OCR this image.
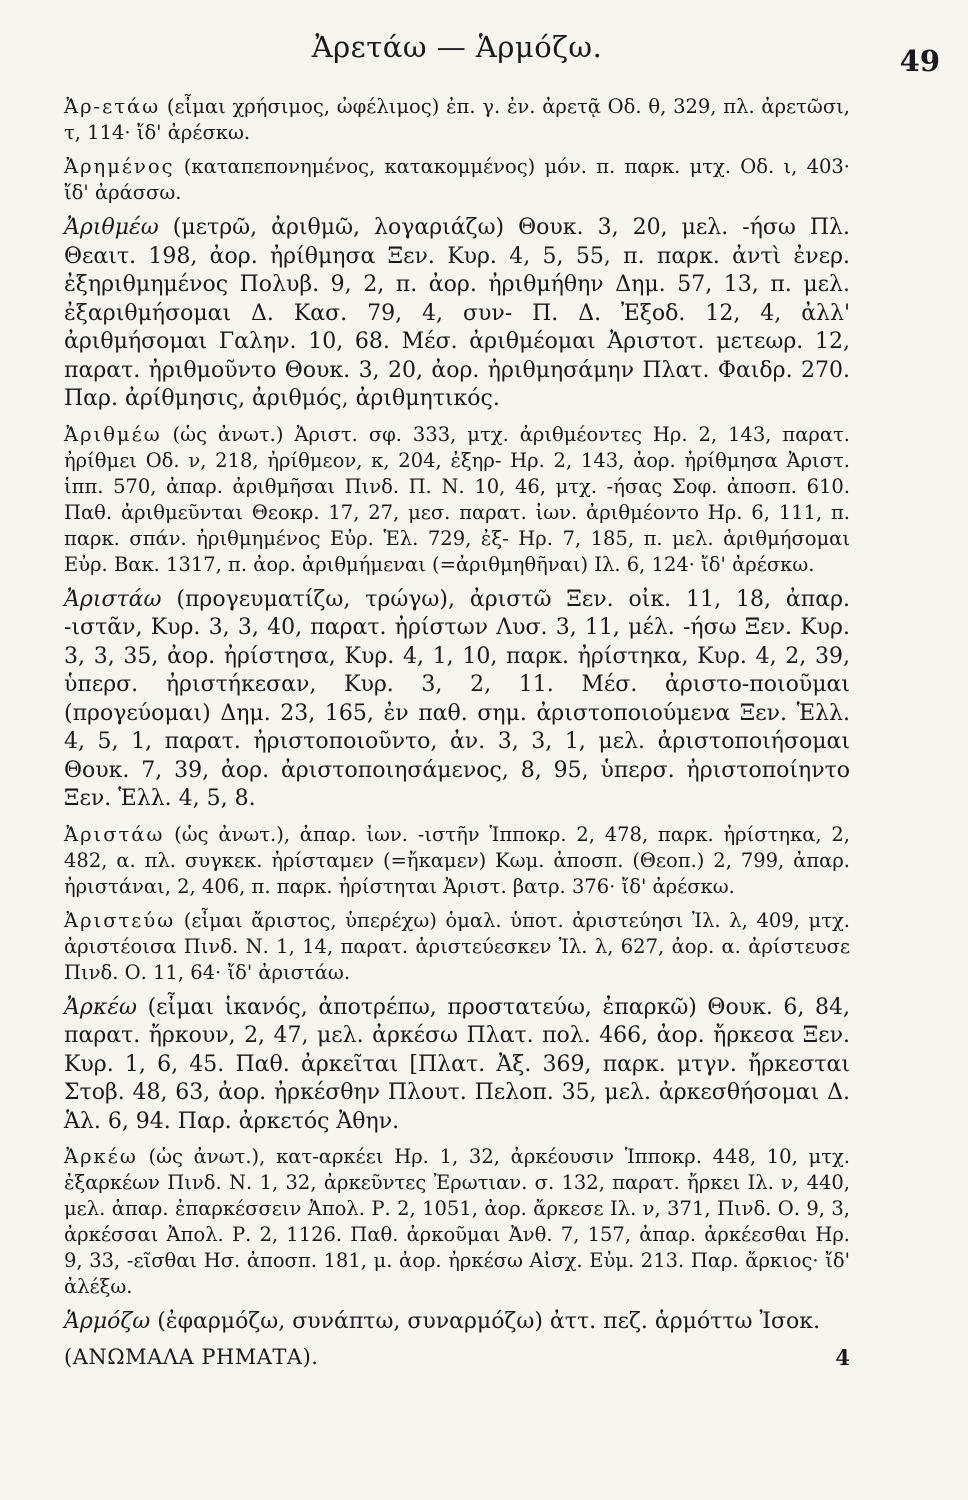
Ἀρετάω — Ἁρμόζω.	49

Ἀρ-ετάω (εἶμαι χρήσιμος, ὠφέλιμος) ἐπ. γ. ἐν. ἀρετᾷ Οδ. θ, 329, πλ. ἀρετῶσι, τ, 114· ἴδ' ἀρέσκω.

Ἀρημένος (καταπεπονημένος, κατακομμένος) μόν. π. παρκ. μτχ. Οδ. ι, 403· ἴδ' ἀράσσω.

Ἀριθμέω (μετρῶ, ἀριθμῶ, λογαριάζω) Θουκ. 3, 20, μελ. -ήσω Πλ. Θεαιτ. 198, ἀορ. ἠρίθμησα Ξεν. Κυρ. 4, 5, 55, π. παρκ. ἀντὶ ἐνερ. ἐξηριθμημένος Πολυβ. 9, 2, π. ἀορ. ἠριθμήθην Δημ. 57, 13, π. μελ. ἐξαριθμήσομαι Δ. Κασ. 79, 4, συν- Π. Δ. Ἐξοδ. 12, 4, ἀλλ' ἀριθμήσομαι Γαλην. 10, 68. Μέσ. ἀριθμέομαι Ἀριστοτ. μετεωρ. 12, παρατ. ἠριθμοῦντο Θουκ. 3, 20, ἀορ. ἠριθμησάμην Πλατ. Φαιδρ. 270. Παρ. ἀρίθμησις, ἀριθμός, ἀριθμητικός.

Ἀριθμέω (ὡς ἀνωτ.) Ἀριστ. σφ. 333, μτχ. ἀριθμέοντες Ηρ. 2, 143, παρατ. ἠρίθμει Οδ. ν, 218, ἠρίθμεον, κ, 204, ἐξηρ- Ηρ. 2, 143, ἀορ. ἠρίθμησα Ἀριστ. ἱππ. 570, ἀπαρ. ἀριθμῆσαι Πινδ. Π. Ν. 10, 46, μτχ. -ήσας Σοφ. ἀποσπ. 610. Παθ. ἀριθμεῦνται Θεοκρ. 17, 27, μεσ. παρατ. ἰων. ἀριθμέοντο Ηρ. 6, 111, π. παρκ. σπάν. ἠριθμημένος Εὐρ. Ἑλ. 729, ἐξ- Ηρ. 7, 185, π. μελ. ἀριθμήσομαι Εὐρ. Βακ. 1317, π. ἀορ. ἀριθμήμεναι (=ἀριθμηθῆναι) Ιλ. 6, 124· ἴδ' ἀρέσκω.

Ἀριστάω (προγευματίζω, τρώγω), ἀριστῶ Ξεν. οἰκ. 11, 18, ἀπαρ. -ιστᾶν, Κυρ. 3, 3, 40, παρατ. ἠρίστων Λυσ. 3, 11, μέλ. -ήσω Ξεν. Κυρ. 3, 3, 35, ἀορ. ἠρίστησα, Κυρ. 4, 1, 10, παρκ. ἠρίστηκα, Κυρ. 4, 2, 39, ὑπερσ. ἠριστήκεσαν, Κυρ. 3, 2, 11. Μέσ. ἀριστο-ποιοῦμαι (προγεύομαι) Δημ. 23, 165, ἐν παθ. σημ. ἀριστοποιούμενα Ξεν. Ἑλλ. 4, 5, 1, παρατ. ἠριστοποιοῦντο, ἀν. 3, 3, 1, μελ. ἀριστοποιήσομαι Θουκ. 7, 39, ἀορ. ἀριστοποιησάμενος, 8, 95, ὑπερσ. ἠριστοποίηντο Ξεν. Ἑλλ. 4, 5, 8.

Ἀριστάω (ὡς ἀνωτ.), ἀπαρ. ἰων. -ιστῆν Ἱπποκρ. 2, 478, παρκ. ἠρίστηκα, 2, 482, α. πλ. συγκεκ. ἠρίσταμεν (=ἤκαμεν) Κωμ. ἀποσπ. (Θεοπ.) 2, 799, ἀπαρ. ἠριστάναι, 2, 406, π. παρκ. ἠρίστηται Ἀριστ. βατρ. 376· ἴδ' ἀρέσκω.

Ἀριστεύω (εἶμαι ἄριστος, ὑπερέχω) ὁμαλ. ὑποτ. ἀριστεύησι Ἰλ. λ, 409, μτχ. ἀριστέοισα Πινδ. Ν. 1, 14, παρατ. ἀριστεύεσκεν Ἰλ. λ, 627, ἀορ. α. ἀρίστευσε Πινδ. Ο. 11, 64· ἴδ' ἀριστάω.

Ἀρκέω (εἶμαι ἱκανός, ἀποτρέπω, προστατεύω, ἐπαρκῶ) Θουκ. 6, 84, παρατ. ἤρκουν, 2, 47, μελ. ἀρκέσω Πλατ. πολ. 466, ἀορ. ἤρκεσα Ξεν. Κυρ. 1, 6, 45. Παθ. ἀρκεῖται [Πλατ. Ἀξ. 369, παρκ. μτγν. ἤρκεσται Στοβ. 48, 63, ἀορ. ἠρκέσθην Πλουτ. Πελοπ. 35, μελ. ἀρκεσθήσομαι Δ. Ἁλ. 6, 94. Παρ. ἀρκετός Ἀθην.

Ἀρκέω (ὡς ἀνωτ.), κατ-αρκέει Ηρ. 1, 32, ἀρκέουσιν Ἱπποκρ. 448, 10, μτχ. ἐξαρκέων Πινδ. Ν. 1, 32, ἀρκεῦντες Ἐρωτιαν. σ. 132, παρατ. ἤρκει Ιλ. ν, 440, μελ. ἀπαρ. ἐπαρκέσσειν Ἀπολ. Ρ. 2, 1051, ἀορ. ἄρκεσε Ιλ. ν, 371, Πινδ. Ο. 9, 3, ἀρκέσσαι Ἀπολ. Ρ. 2, 1126. Παθ. ἀρκοῦμαι Ἀνθ. 7, 157, ἀπαρ. ἀρκέεσθαι Ηρ. 9, 33, -εῖσθαι Ησ. ἀποσπ. 181, μ. ἀορ. ἠρκέσω Αἰσχ. Εὐμ. 213. Παρ. ἄρκιος· ἴδ' ἀλέξω.

Ἁρμόζω (ἐφαρμόζω, συνάπτω, συναρμόζω) ἀττ. πεζ. ἁρμόττω Ἰσοκ.

(ΑΝΩΜΑΛΑ ΡΗΜΑΤΑ).	4
